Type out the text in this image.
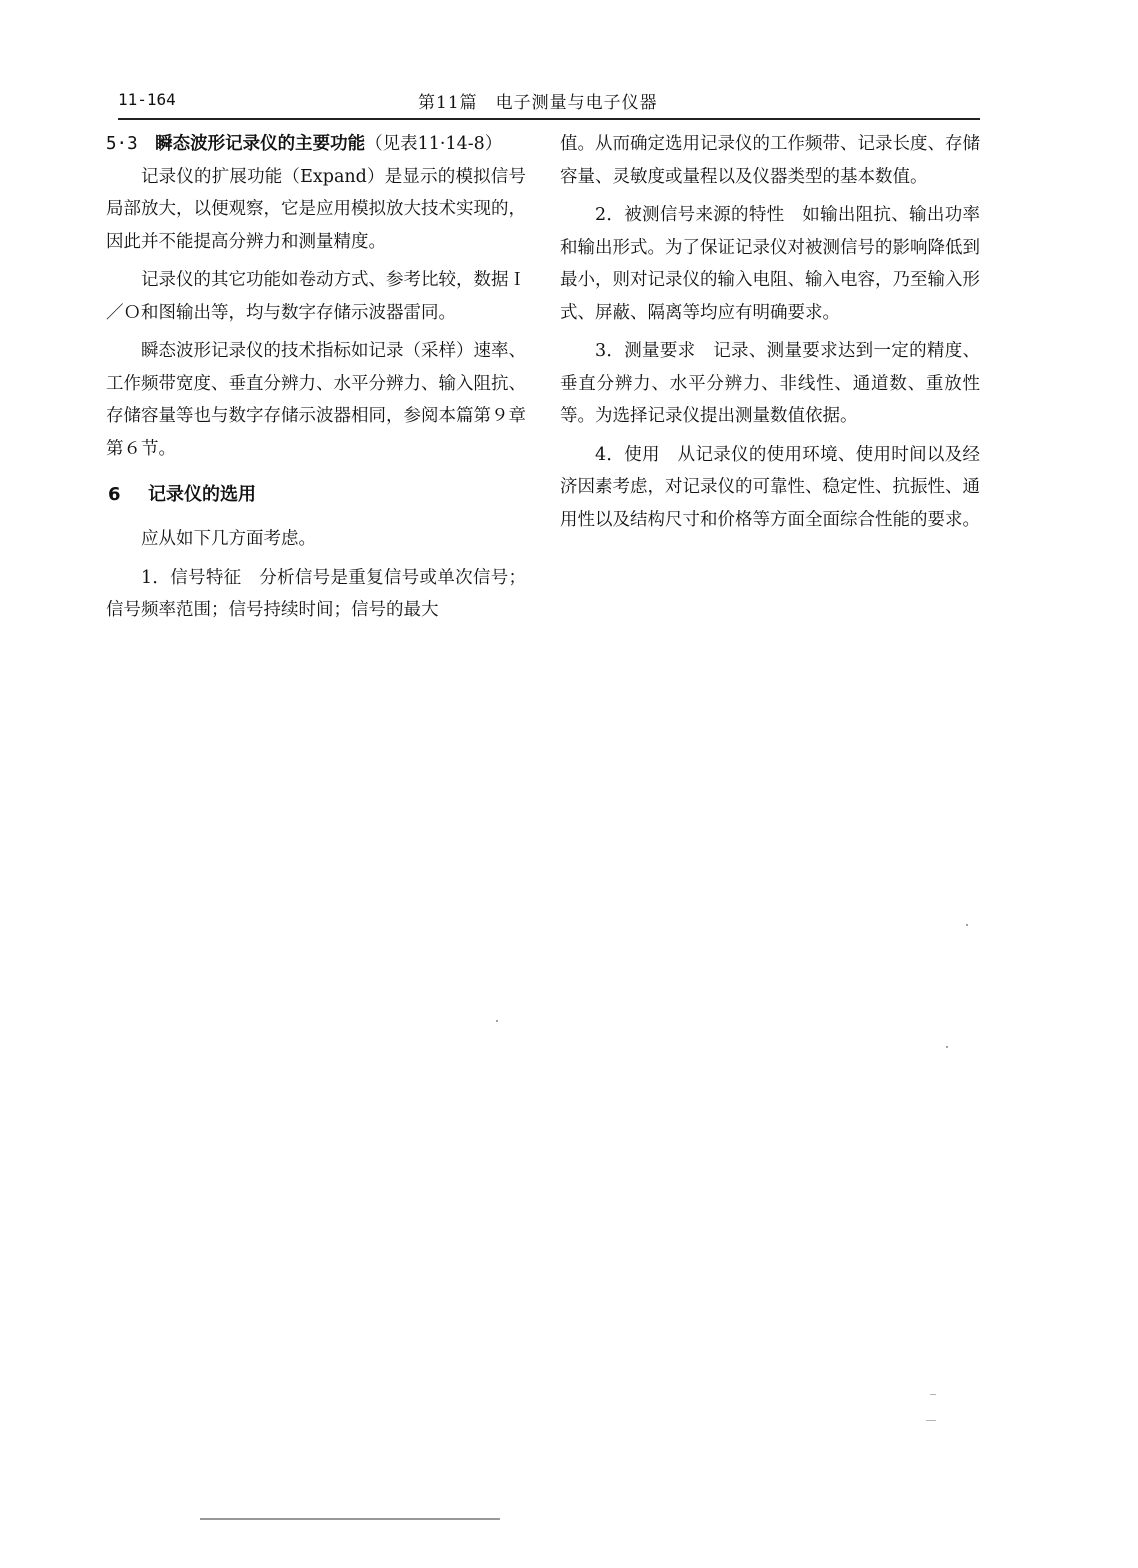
11-164	第11篇　电子测量与电子仪器

5·3　 瞬态波形记录仪的主要功能（见表11·14-8）

记录仪的扩展功能（Expand）是显示的模拟信号局部放大，以便观察，它是应用模拟放大技术实现的，因此并不能提高分辨力和测量精度。

记录仪的其它功能如卷动方式、参考比较，数据Ｉ／Ｏ和图输出等，均与数字存储示波器雷同。

瞬态波形记录仪的技术指标如记录（采样）速率、工作频带宽度、垂直分辨力、水平分辨力、输入阻抗、存储容量等也与数字存储示波器相同，参阅本篇第９章第６节。

6 记录仪的选用

应从如下几方面考虑。

1．信号特征　分析信号是重复信号或单次信号；信号频率范围；信号持续时间；信号的最大

值。从而确定选用记录仪的工作频带、记录长度、存储容量、灵敏度或量程以及仪器类型的基本数值。

2．被测信号来源的特性　如输出阻抗、输出功率和输出形式。为了保证记录仪对被测信号的影响降低到最小，则对记录仪的输入电阻、输入电容，乃至输入形式、屏蔽、隔离等均应有明确要求。

3．测量要求　记录、测量要求达到一定的精度、垂直分辨力、水平分辨力、非线性、通道数、重放性等。为选择记录仪提出测量数值依据。

4．使用　从记录仪的使用环境、使用时间以及经济因素考虑，对记录仪的可靠性、稳定性、抗振性、通用性以及结构尺寸和价格等方面全面综合性能的要求。
